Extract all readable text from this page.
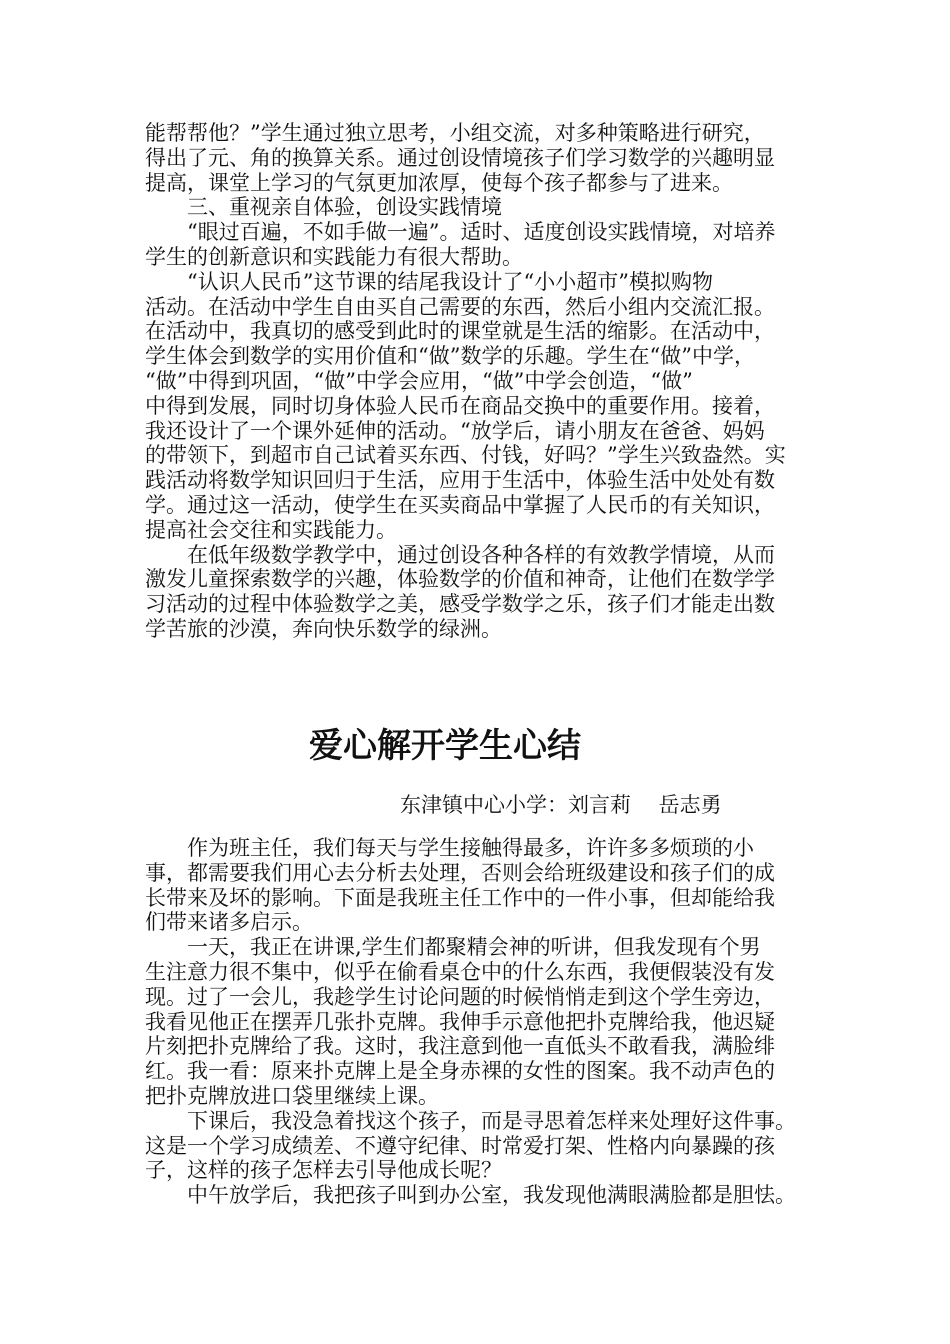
能帮帮他？”学生通过独立思考，小组交流，对多种策略进行研究，
得出了元、角的换算关系。通过创设情境孩子们学习数学的兴趣明显
提高，课堂上学习的气氛更加浓厚，使每个孩子都参与了进来。
　　三、重视亲自体验，创设实践情境
　　“眼过百遍，不如手做一遍”。适时、适度创设实践情境，对培养
学生的创新意识和实践能力有很大帮助。
　　“认识人民币”这节课的结尾我设计了“小小超市”模拟购物
活动。在活动中学生自由买自己需要的东西，然后小组内交流汇报。
在活动中，我真切的感受到此时的课堂就是生活的缩影。在活动中，
学生体会到数学的实用价值和“做”数学的乐趣。学生在“做”中学，
“做”中得到巩固，“做”中学会应用，“做”中学会创造，“做”
中得到发展，同时切身体验人民币在商品交换中的重要作用。接着，
我还设计了一个课外延伸的活动。“放学后，请小朋友在爸爸、妈妈
的带领下，到超市自己试着买东西、付钱，好吗？”学生兴致盎然。实
践活动将数学知识回归于生活，应用于生活中，体验生活中处处有数
学。通过这一活动，使学生在买卖商品中掌握了人民币的有关知识，
提高社会交往和实践能力。
　　在低年级数学教学中，通过创设各种各样的有效教学情境，从而
激发儿童探索数学的兴趣，体验数学的价值和神奇，让他们在数学学
习活动的过程中体验数学之美，感受学数学之乐，孩子们才能走出数
学苦旅的沙漠，奔向快乐数学的绿洲。
爱心解开学生心结
东津镇中心小学：刘言莉　 岳志勇
　　作为班主任，我们每天与学生接触得最多，许许多多烦琐的小
事，都需要我们用心去分析去处理，否则会给班级建设和孩子们的成
长带来及坏的影响。下面是我班主任工作中的一件小事，但却能给我
们带来诸多启示。
　　一天，我正在讲课,学生们都聚精会神的听讲，但我发现有个男
生注意力很不集中，似乎在偷看桌仓中的什么东西，我便假装没有发
现。过了一会儿，我趁学生讨论问题的时候悄悄走到这个学生旁边，
我看见他正在摆弄几张扑克牌。我伸手示意他把扑克牌给我，他迟疑
片刻把扑克牌给了我。这时，我注意到他一直低头不敢看我，满脸绯
红。我一看：原来扑克牌上是全身赤裸的女性的图案。我不动声色的
把扑克牌放进口袋里继续上课。
　　下课后，我没急着找这个孩子，而是寻思着怎样来处理好这件事。
这是一个学习成绩差、不遵守纪律、时常爱打架、性格内向暴躁的孩
子，这样的孩子怎样去引导他成长呢？
　　中午放学后，我把孩子叫到办公室，我发现他满眼满脸都是胆怯。
